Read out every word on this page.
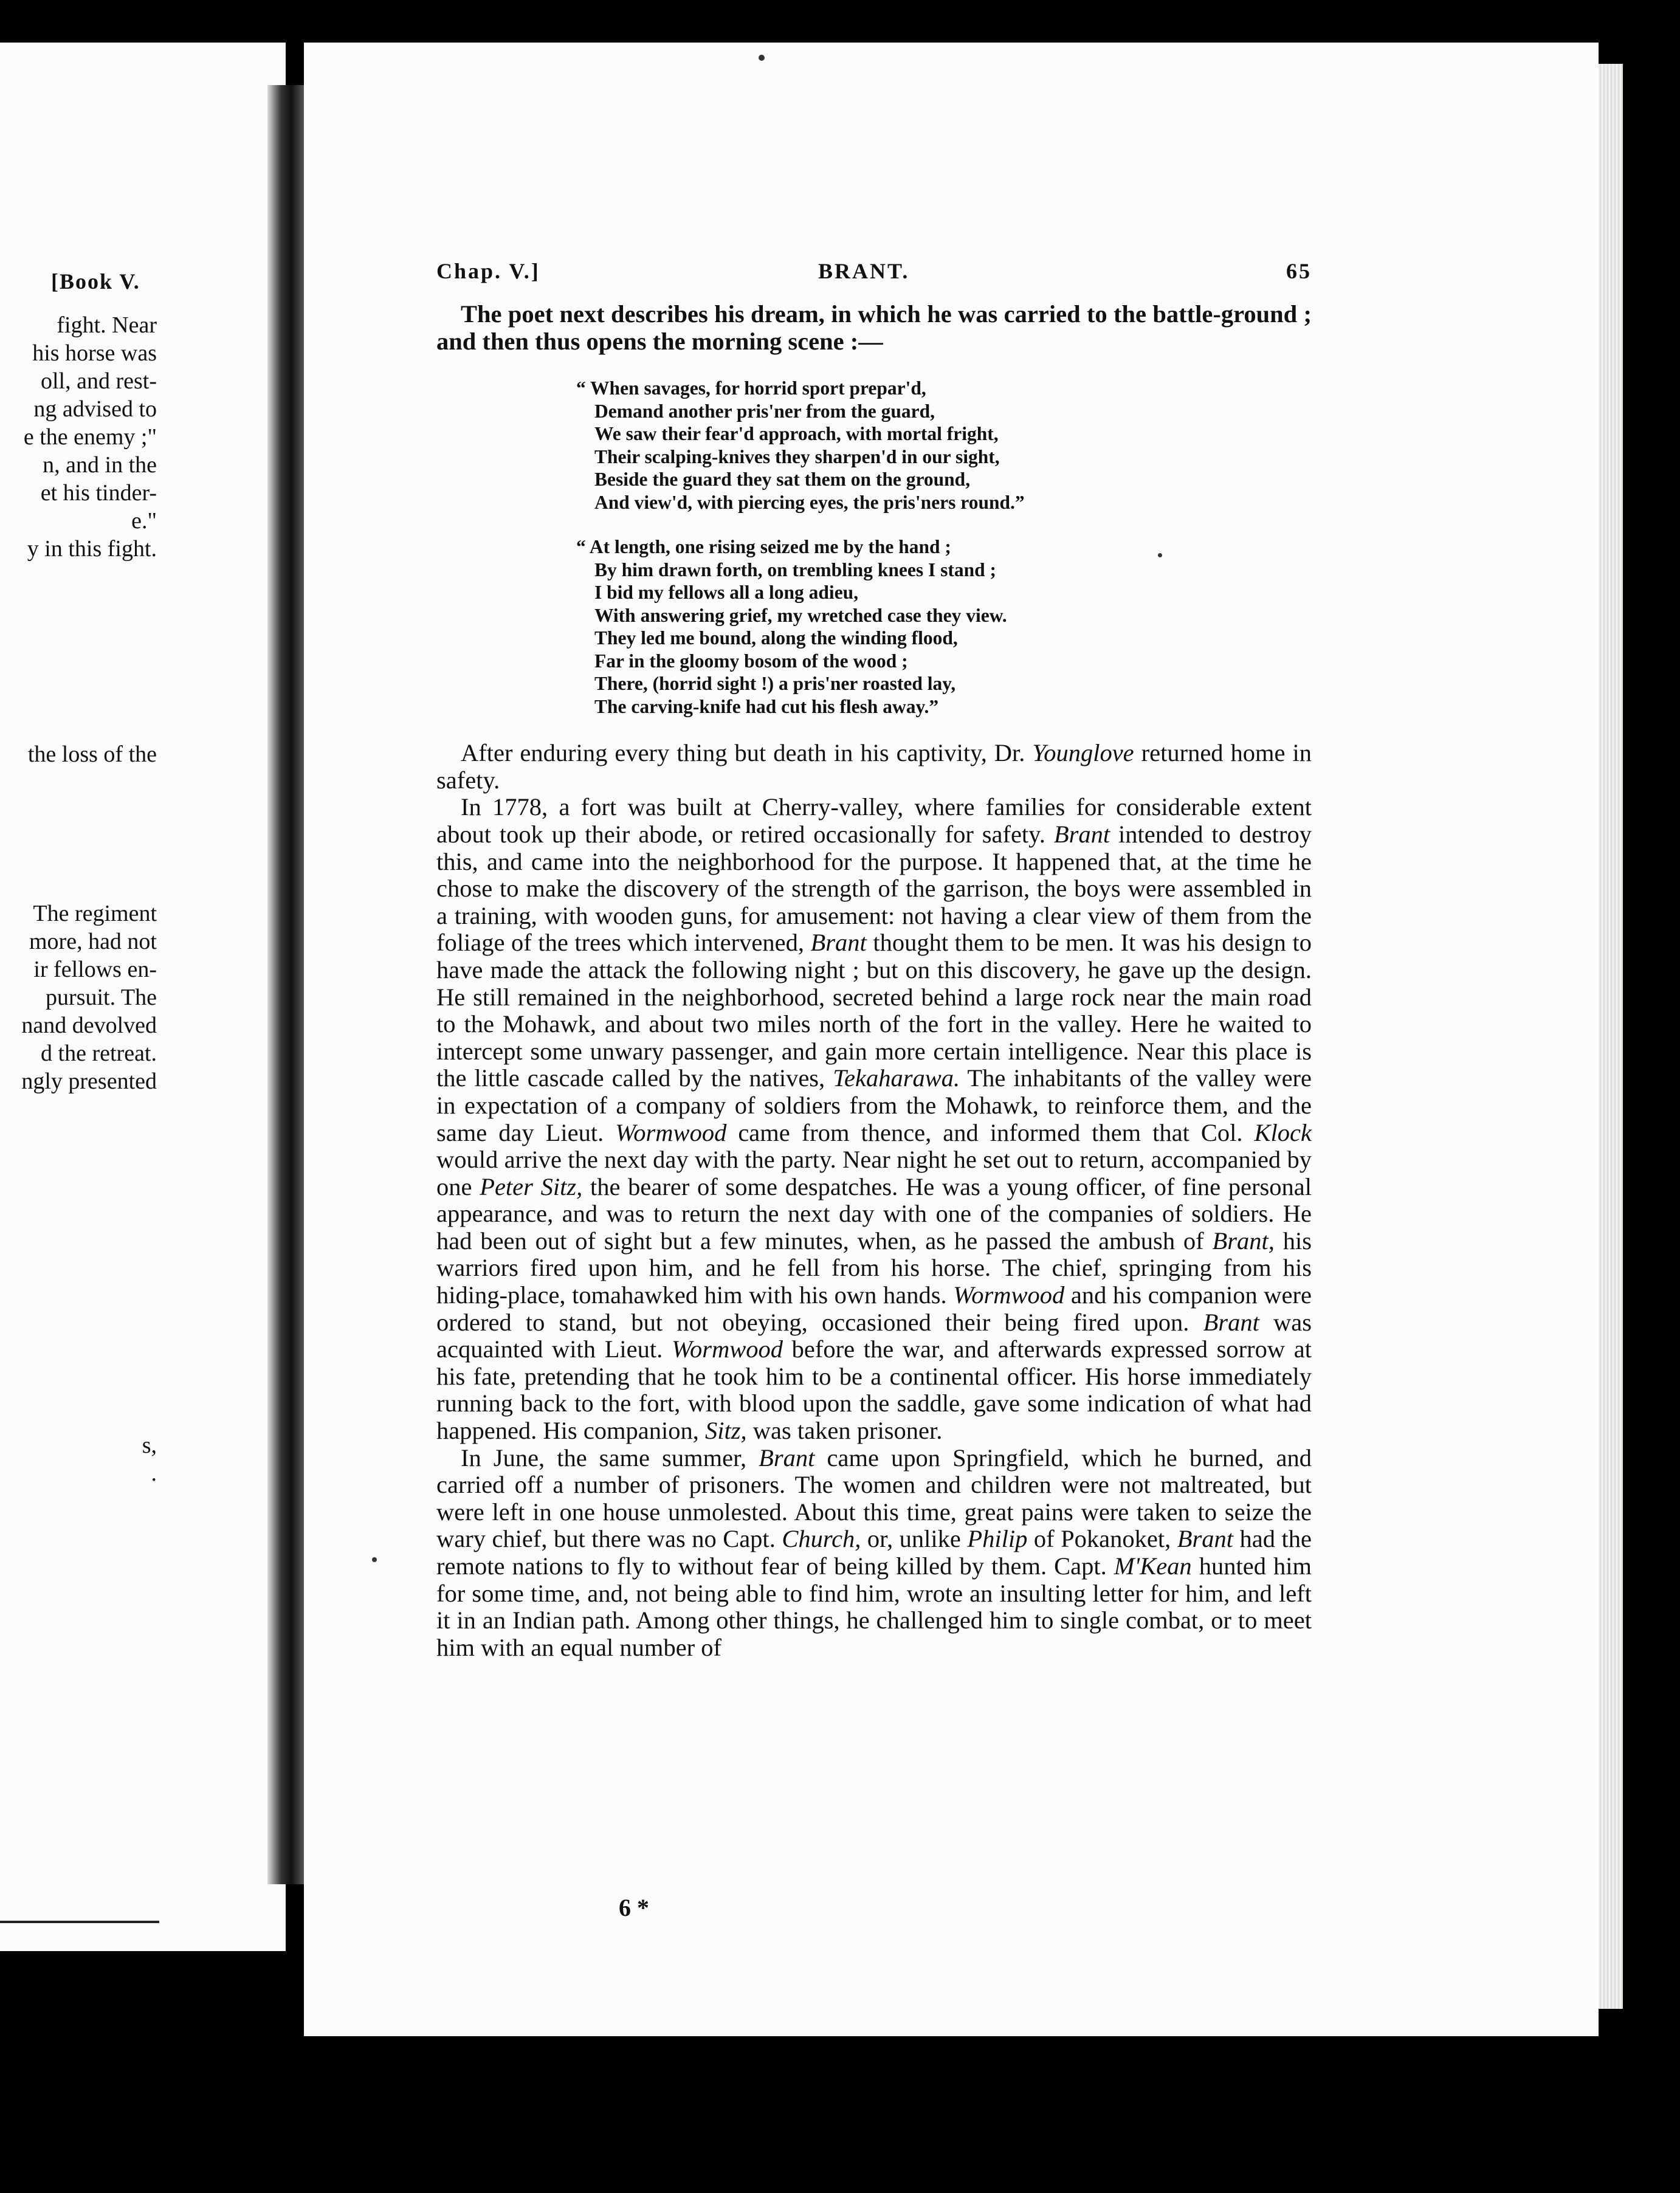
[Book V.
fight. Near
his horse was
oll, and rest-
ng advised to
e the enemy ;"
n, and in the
et his tinder-
e."
y in this fight.
the loss of the
The regiment
more, had not
ir fellows en-
pursuit. The
nand devolved
d the retreat.
ngly presented
s,
.
Chap. V.]	BRANT.	65

The poet next describes his dream, in which he was carried to the battle-ground ; and then thus opens the morning scene :—

“ When savages, for horrid sport prepar'd,
Demand another pris'ner from the guard,
We saw their fear'd approach, with mortal fright,
Their scalping-knives they sharpen'd in our sight,
Beside the guard they sat them on the ground,
And view'd, with piercing eyes, the pris'ners round.”
“ At length, one rising seized me by the hand ;
By him drawn forth, on trembling knees I stand ;
I bid my fellows all a long adieu,
With answering grief, my wretched case they view.
They led me bound, along the winding flood,
Far in the gloomy bosom of the wood ;
There, (horrid sight !) a pris'ner roasted lay,
The carving-knife had cut his flesh away.”

After enduring every thing but death in his captivity, Dr. Younglove returned home in safety.

In 1778, a fort was built at Cherry-valley, where families for considerable extent about took up their abode, or retired occasionally for safety. Brant intended to destroy this, and came into the neighborhood for the purpose. It happened that, at the time he chose to make the discovery of the strength of the garrison, the boys were assembled in a training, with wooden guns, for amusement: not having a clear view of them from the foliage of the trees which intervened, Brant thought them to be men. It was his design to have made the attack the following night ; but on this discovery, he gave up the design. He still remained in the neighborhood, secreted behind a large rock near the main road to the Mohawk, and about two miles north of the fort in the valley. Here he waited to intercept some unwary passenger, and gain more certain intelligence. Near this place is the little cascade called by the natives, Tekaharawa. The inhabitants of the valley were in expectation of a company of soldiers from the Mohawk, to reinforce them, and the same day Lieut. Wormwood came from thence, and informed them that Col. Klock would arrive the next day with the party. Near night he set out to return, accompanied by one Peter Sitz, the bearer of some despatches. He was a young officer, of fine personal appearance, and was to return the next day with one of the companies of soldiers. He had been out of sight but a few minutes, when, as he passed the ambush of Brant, his warriors fired upon him, and he fell from his horse. The chief, springing from his hiding-place, tomahawked him with his own hands. Wormwood and his companion were ordered to stand, but not obeying, occasioned their being fired upon. Brant was acquainted with Lieut. Wormwood before the war, and afterwards expressed sorrow at his fate, pretending that he took him to be a continental officer. His horse immediately running back to the fort, with blood upon the saddle, gave some indication of what had happened. His companion, Sitz, was taken prisoner.

In June, the same summer, Brant came upon Springfield, which he burned, and carried off a number of prisoners. The women and children were not maltreated, but were left in one house unmolested. About this time, great pains were taken to seize the wary chief, but there was no Capt. Church, or, unlike Philip of Pokanoket, Brant had the remote nations to fly to without fear of being killed by them. Capt. M'Kean hunted him for some time, and, not being able to find him, wrote an insulting letter for him, and left it in an Indian path. Among other things, he challenged him to single combat, or to meet him with an equal number of

6 *
